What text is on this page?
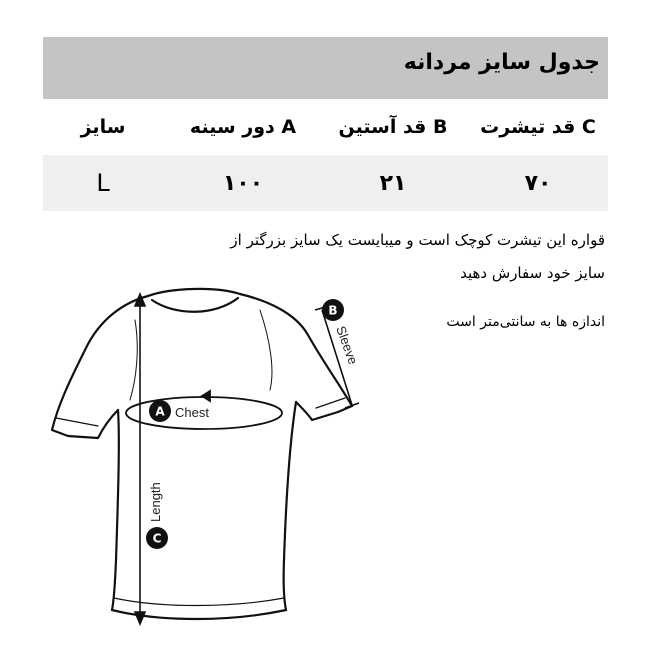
جدول سایز مردانه
سایز	A دور سینه	B قد آستین	C قد تیشرت
L	۱۰۰	۲۱	۷۰
قواره این تیشرت کوچک است و میبایست یک سایز بزرگتر از
سایز خود سفارش دهید
اندازه ها به سانتی‌متر است
A Chest
B
Sleeve
C
Length
